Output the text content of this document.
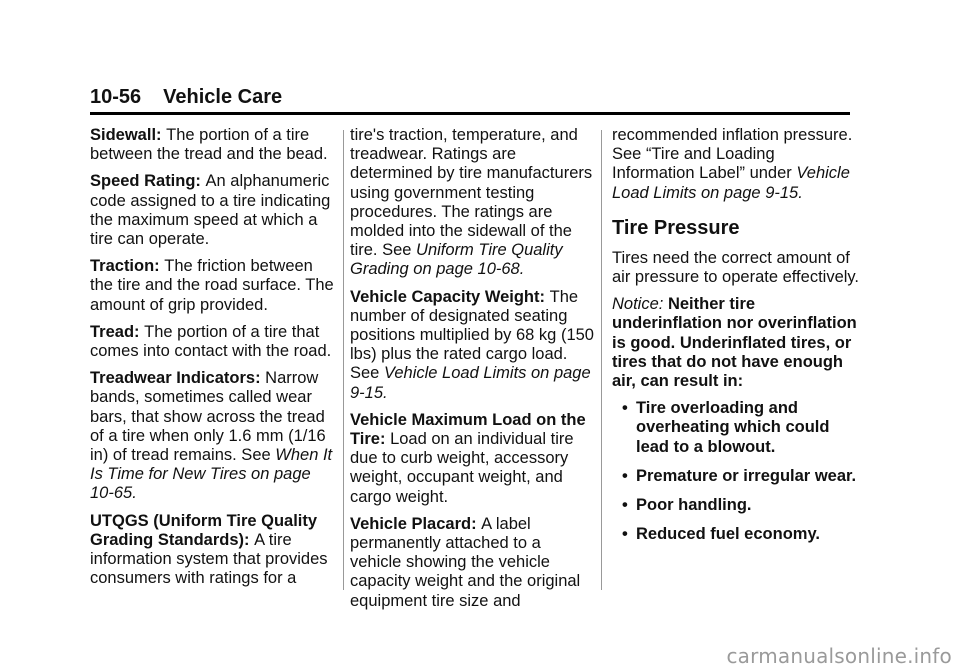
10-56 Vehicle Care

Sidewall: The portion of a tire between the tread and the bead.

Speed Rating: An alphanumeric code assigned to a tire indicating the maximum speed at which a tire can operate.

Traction: The friction between the tire and the road surface. The amount of grip provided.

Tread: The portion of a tire that comes into contact with the road.

Treadwear Indicators: Narrow bands, sometimes called wear bars, that show across the tread of a tire when only 1.6 mm (1/16 in) of tread remains. See When It Is Time for New Tires on page 10-65.

UTQGS (Uniform Tire Quality Grading Standards): A tire information system that provides consumers with ratings for a

tire's traction, temperature, and treadwear. Ratings are determined by tire manufacturers using government testing procedures. The ratings are molded into the sidewall of the tire. See Uniform Tire Quality Grading on page 10-68.

Vehicle Capacity Weight: The number of designated seating positions multiplied by 68 kg (150 lbs) plus the rated cargo load. See Vehicle Load Limits on page 9-15.

Vehicle Maximum Load on the Tire: Load on an individual tire due to curb weight, accessory weight, occupant weight, and cargo weight.

Vehicle Placard: A label permanently attached to a vehicle showing the vehicle capacity weight and the original equipment tire size and

recommended inflation pressure. See “Tire and Loading Information Label” under Vehicle Load Limits on page 9-15.

Tire Pressure

Tires need the correct amount of air pressure to operate effectively.

Notice: Neither tire underinflation nor overinflation is good. Underinflated tires, or tires that do not have enough air, can result in:

• Tire overloading and overheating which could lead to a blowout.
• Premature or irregular wear.
• Poor handling.
• Reduced fuel economy.
carmanualsonline.info
